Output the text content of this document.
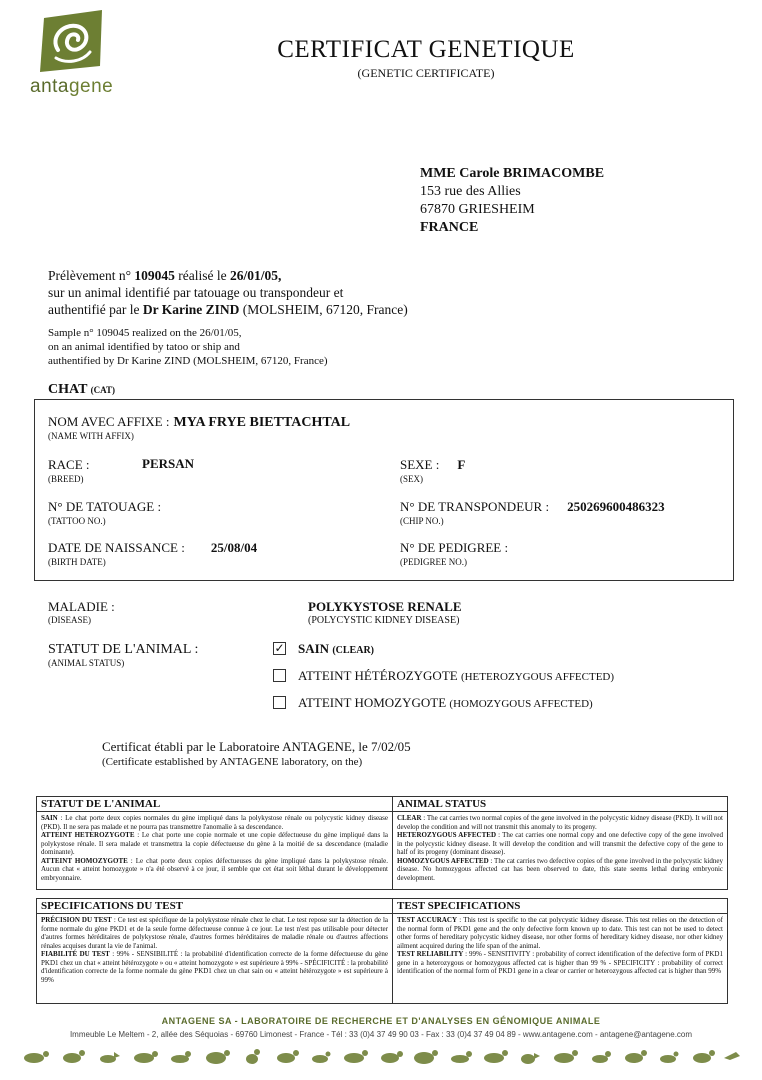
antagene
CERTIFICAT GENETIQUE
(GENETIC CERTIFICATE)
MME Carole BRIMACOMBE
153 rue des Allies
67870 GRIESHEIM
FRANCE
Prélèvement n° 109045 réalisé le 26/01/05,
sur un animal identifié par tatouage ou transpondeur et
authentifié par le Dr Karine ZIND (MOLSHEIM, 67120, France)
Sample n° 109045 realized on the 26/01/05,
on an animal identified by tatoo or ship and
authentified by Dr Karine ZIND (MOLSHEIM, 67120, France)
CHAT (CAT)
NOM AVEC AFFIXE : MYA FRYE BIETTACHTAL
(NAME WITH AFFIX)
RACE :
(BREED)
PERSAN	SEXE : F
(SEX)
N° DE TATOUAGE :
(TATTOO NO.)
N° DE TRANSPONDEUR : 250269600486323
(CHIP NO.)
DATE DE NAISSANCE : 25/08/04
(BIRTH DATE)
N° DE PEDIGREE :
(PEDIGREE NO.)
MALADIE :
(DISEASE)
POLYKYSTOSE RENALE
(POLYCYSTIC KIDNEY DISEASE)
STATUT DE L'ANIMAL :
(ANIMAL STATUS)
✓ SAIN (CLEAR)
ATTEINT HÉTÉROZYGOTE (HETEROZYGOUS AFFECTED)
ATTEINT HOMOZYGOTE (HOMOZYGOUS AFFECTED)
Certificat établi par le Laboratoire ANTAGENE, le 7/02/05
(Certificate established by ANTAGENE laboratory, on the)
STATUT DE L'ANIMAL
SAIN : Le chat porte deux copies normales du gène impliqué dans la polykystose rénale ou polycystic kidney disease (PKD). Il ne sera pas malade et ne pourra pas transmettre l'anomalie à sa descendance.
ATTEINT HETEROZYGOTE : Le chat porte une copie normale et une copie défectueuse du gène impliqué dans la polykystose rénale. Il sera malade et transmettra la copie défectueuse du gène à la moitié de sa descendance (maladie dominante).
ATTEINT HOMOZYGOTE : Le chat porte deux copies défectueuses du gène impliqué dans la polykystose rénale. Aucun chat « atteint homozygote » n'a été observé à ce jour, il semble que cet état soit léthal durant le développement embryonnaire.
ANIMAL STATUS
CLEAR : The cat carries two normal copies of the gene involved in the polycystic kidney disease (PKD). It will not develop the condition and will not transmit this anomaly to its progeny.
HETEROZYGOUS AFFECTED : The cat carries one normal copy and one defective copy of the gene involved in the polycystic kidney disease. It will develop the condition and will transmit the defective copy of the gene to half of its progeny (dominant disease).
HOMOZYGOUS AFFECTED : The cat carries two defective copies of the gene involved in the polycystic kidney disease. No homozygous affected cat has been observed to date, this state seems lethal during embryonic development.
SPECIFICATIONS DU TEST
PRÉCISION DU TEST : Ce test est spécifique de la polykystose rénale chez le chat. Le test repose sur la détection de la forme normale du gène PKD1 et de la seule forme défectueuse connue à ce jour. Le test n'est pas utilisable pour détecter d'autres formes héréditaires de polykystose rénale, d'autres formes héréditaires de maladie rénale ou d'autres affections rénales acquises durant la vie de l'animal.
FIABILITÉ DU TEST : 99% - SENSIBILITÉ : la probabilité d'identification correcte de la forme défectueuse du gène PKD1 chez un chat « atteint hétérozygote » ou « atteint homozygote » est supérieure à 99% - SPÉCIFICITÉ : la probabilité d'identification correcte de la forme normale du gène PKD1 chez un chat sain ou « atteint hétérozygote » est supérieure à 99%
TEST SPECIFICATIONS
TEST ACCURACY : This test is specific to the cat polycystic kidney disease. This test relies on the detection of the normal form of PKD1 gene and the only defective form known up to date. This test can not be used to detect other forms of hereditary polycystic kidney disease, nor other forms of hereditary kidney disease, nor other kidney ailment acquired during the life span of the animal.
TEST RELIABILITY : 99% - SENSITIVITY : probability of correct identification of the defective form of PKD1 gene in a heterozygous or homozygous affected cat is higher than 99 % - SPECIFICITY : probability of correct identification of the normal form of PKD1 gene in a clear or carrier or heterozygous affected cat is higher than 99%
ANTAGENE SA - LABORATOIRE DE RECHERCHE ET D'ANALYSES EN GÉNOMIQUE ANIMALE
Immeuble Le Meltem - 2, allée des Séquoias - 69760 Limonest - France - Tél : 33 (0)4 37 49 90 03 - Fax : 33 (0)4 37 49 04 89 - www.antagene.com - antagene@antagene.com
